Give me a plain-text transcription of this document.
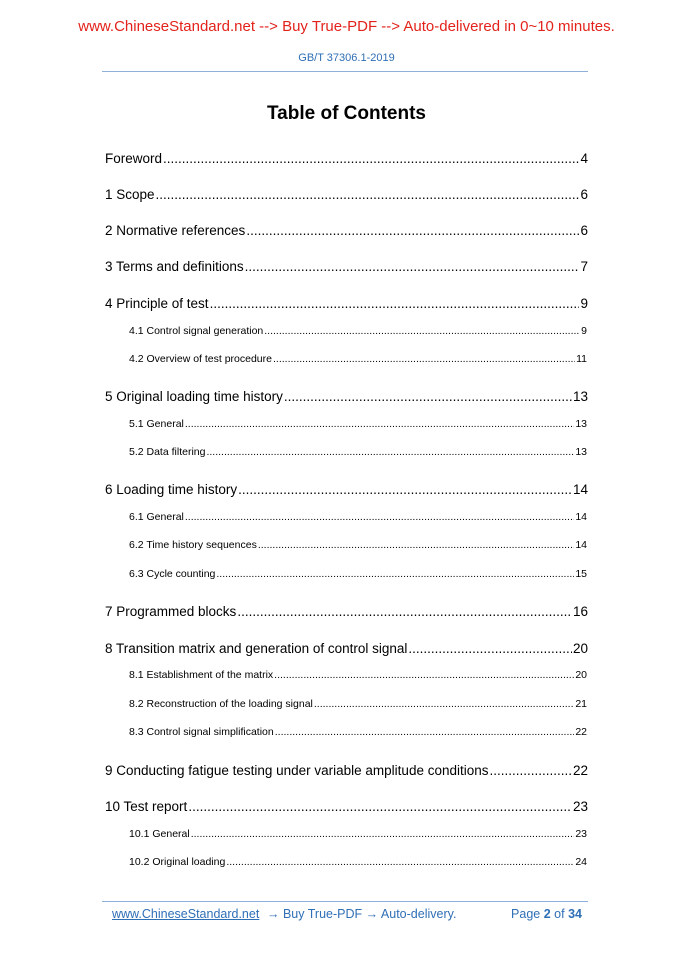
www.ChineseStandard.net --> Buy True-PDF --> Auto-delivered in 0~10 minutes.
GB/T 37306.1-2019
Table of Contents
Foreword .....	4
1 Scope .....	6
2 Normative references .....	6
3 Terms and definitions .....	7
4 Principle of test .....	9
4.1 Control signal generation .....	9
4.2 Overview of test procedure .....	11
5 Original loading time history .....	13
5.1 General .....	13
5.2 Data filtering .....	13
6 Loading time history .....	14
6.1 General .....	14
6.2 Time history sequences .....	14
6.3 Cycle counting .....	15
7 Programmed blocks .....	16
8 Transition matrix and generation of control signal .....	20
8.1 Establishment of the matrix .....	20
8.2 Reconstruction of the loading signal .....	21
8.3 Control signal simplification .....	22
9 Conducting fatigue testing under variable amplitude conditions .....	22
10 Test report .....	23
10.1 General .....	23
10.2 Original loading .....	24
www.ChineseStandard.net → Buy True-PDF → Auto-delivery.	Page 2 of 34
